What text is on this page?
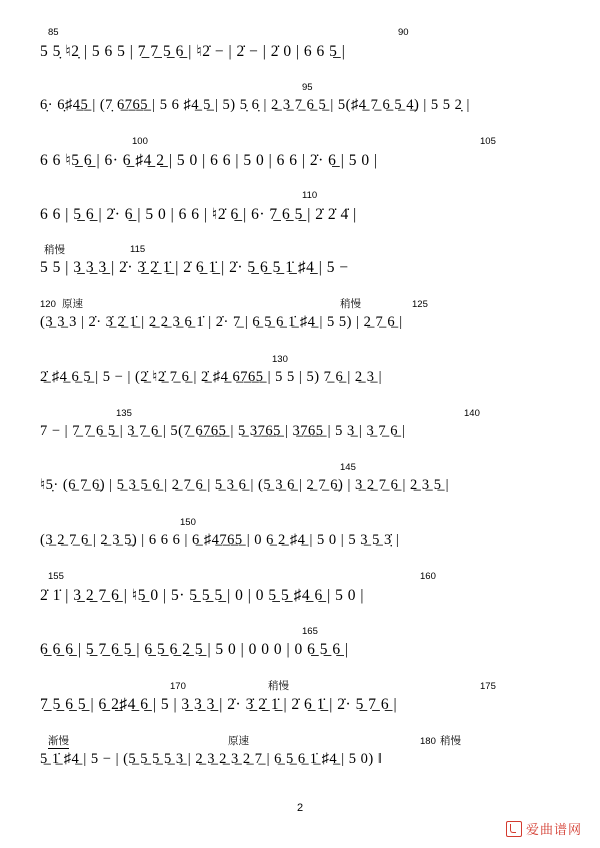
85	90
5 5̣ ♮2̣ | 5 6 5 | 7̲ 7̲ 5̲ 6̲ | ♮2̇ − | 2̇ − | 2̇ 0 | 6 6 5̲ |
95
6̣· 6̣♯4̲5̲ | (7̣ 6̲7̲6̲5̲ | 5 6 ♯4̲ 5̲ | 5) 5̣ 6̣ | 2̲ 3̲ 7̲ 6̲ 5̲ | 5(♯4̲ 7̲ 6̲ 5̲ 4̲) | 5 5 2̣ |
100	105
6 6 ♮5̲ 6̲ | 6· 6̲ ♯4̲ 2̲ | 5 0 | 6 6 | 5 0 | 6 6 | 2̇· 6̲ | 5 0 |
110
6 6 | 5̲ 6̲ | 2̇· 6̲ | 5 0 | 6 6 | ♮2̇ 6̲ | 6· 7̲ 6̲ 5̲ | 2̇ 2̇ 4̇ |
稍慢	115
5 5 | 3̲ 3̲ 3̲ | 2̇· 3̲̇ 2̲̇ 1̲̇ | 2̇ 6̲ 1̲̇ | 2̇· 5̲ 6̲ 5̲ 1̲̇ ♯4̲ | 5 −
120 原速	稍慢	125
(3̲ 3̲ 3 | 2̇· 3̲̇ 2̲̇ 1̲̇ | 2̲ 2̲ 3̲ 6̲ 1̇ | 2̇· 7̲ | 6̲ 5̲ 6̲ 1̲̇ ♯4̲ | 5 5) | 2̲ 7̲ 6̲ |
130
2̲̇ ♯4̲ 6̲ 5̲ | 5 − | (2̲̇ ♮2̲̇ 7̲ 6̲ | 2̲̇ ♯4̲ 6̲7̲6̲5̲ | 5 5 | 5) 7̲ 6̲ | 2̲ 3̲ |
135	140
7 − | 7̲ 7̲ 6̲ 5̲ | 3̲ 7̲ 6̲ | 5(7̲ 6̲7̲6̲5̲ | 5̲ 3̲7̲6̲5̲ | 3̲7̲6̲5̲ | 5 3̲ | 3̲ 7̲ 6̲ |
145
♮5̣· (6̲ 7̲ 6̲) | 5̲ 3̲ 5̲ 6̲ | 2̲ 7̲ 6̲ | 5̲ 3̲ 6̲ | (5̲ 3̲ 6̲ | 2̲ 7̲ 6̲) | 3̲ 2̲ 7̲ 6̲ | 2̲ 3̲ 5̲ |
150
(3̲ 2̲ 7̲ 6̲ | 2̲ 3̲ 5̲) | 6 6 6 | 6̲ ♯4̲7̲6̲5̲ | 0 6̲ 2̲ ♯4̲ | 5 0 | 5 3̲ 5̲ 3̣̇ |
155	160
2̇ 1̇ | 3̲ 2̲ 7̲ 6̲ | ♮5̲ 0 | 5· 5̲ 5̲ 5̲ | 0 | 0 5̲ 5̲ ♯4̲ 6̲ | 5 0 |
165
6̲ 6̲ 6̲ | 5̲ 7̲ 6̲ 5̲ | 6̲ 5̲ 6̲ 2̲ 5̲ | 5 0 | 0 0 0 | 0 6̲ 5̲ 6̲ |
170	稍慢	175
7̲ 5̲ 6̲ 5̲ | 6̲ 2̲♯4̲ 6̲ | 5 | 3̲ 3̲ 3̲ | 2̇· 3̲̇ 2̲̇ 1̲̇ | 2̇ 6̲ 1̲̇ | 2̇· 5̲ 7̲ 6̲ |
渐慢	原速	180 稍慢
5̲ 1̲̇ ♯4̲ | 5 − | (5̲ 5̲ 5̲ 5̲ 3̲ | 2̲ 3̲ 2̲ 3̲ 2̲ 7̲ | 6̲ 5̲ 6̲ 1̲̇ ♯4̲ | 5 0) ‖
2
爱曲谱网
